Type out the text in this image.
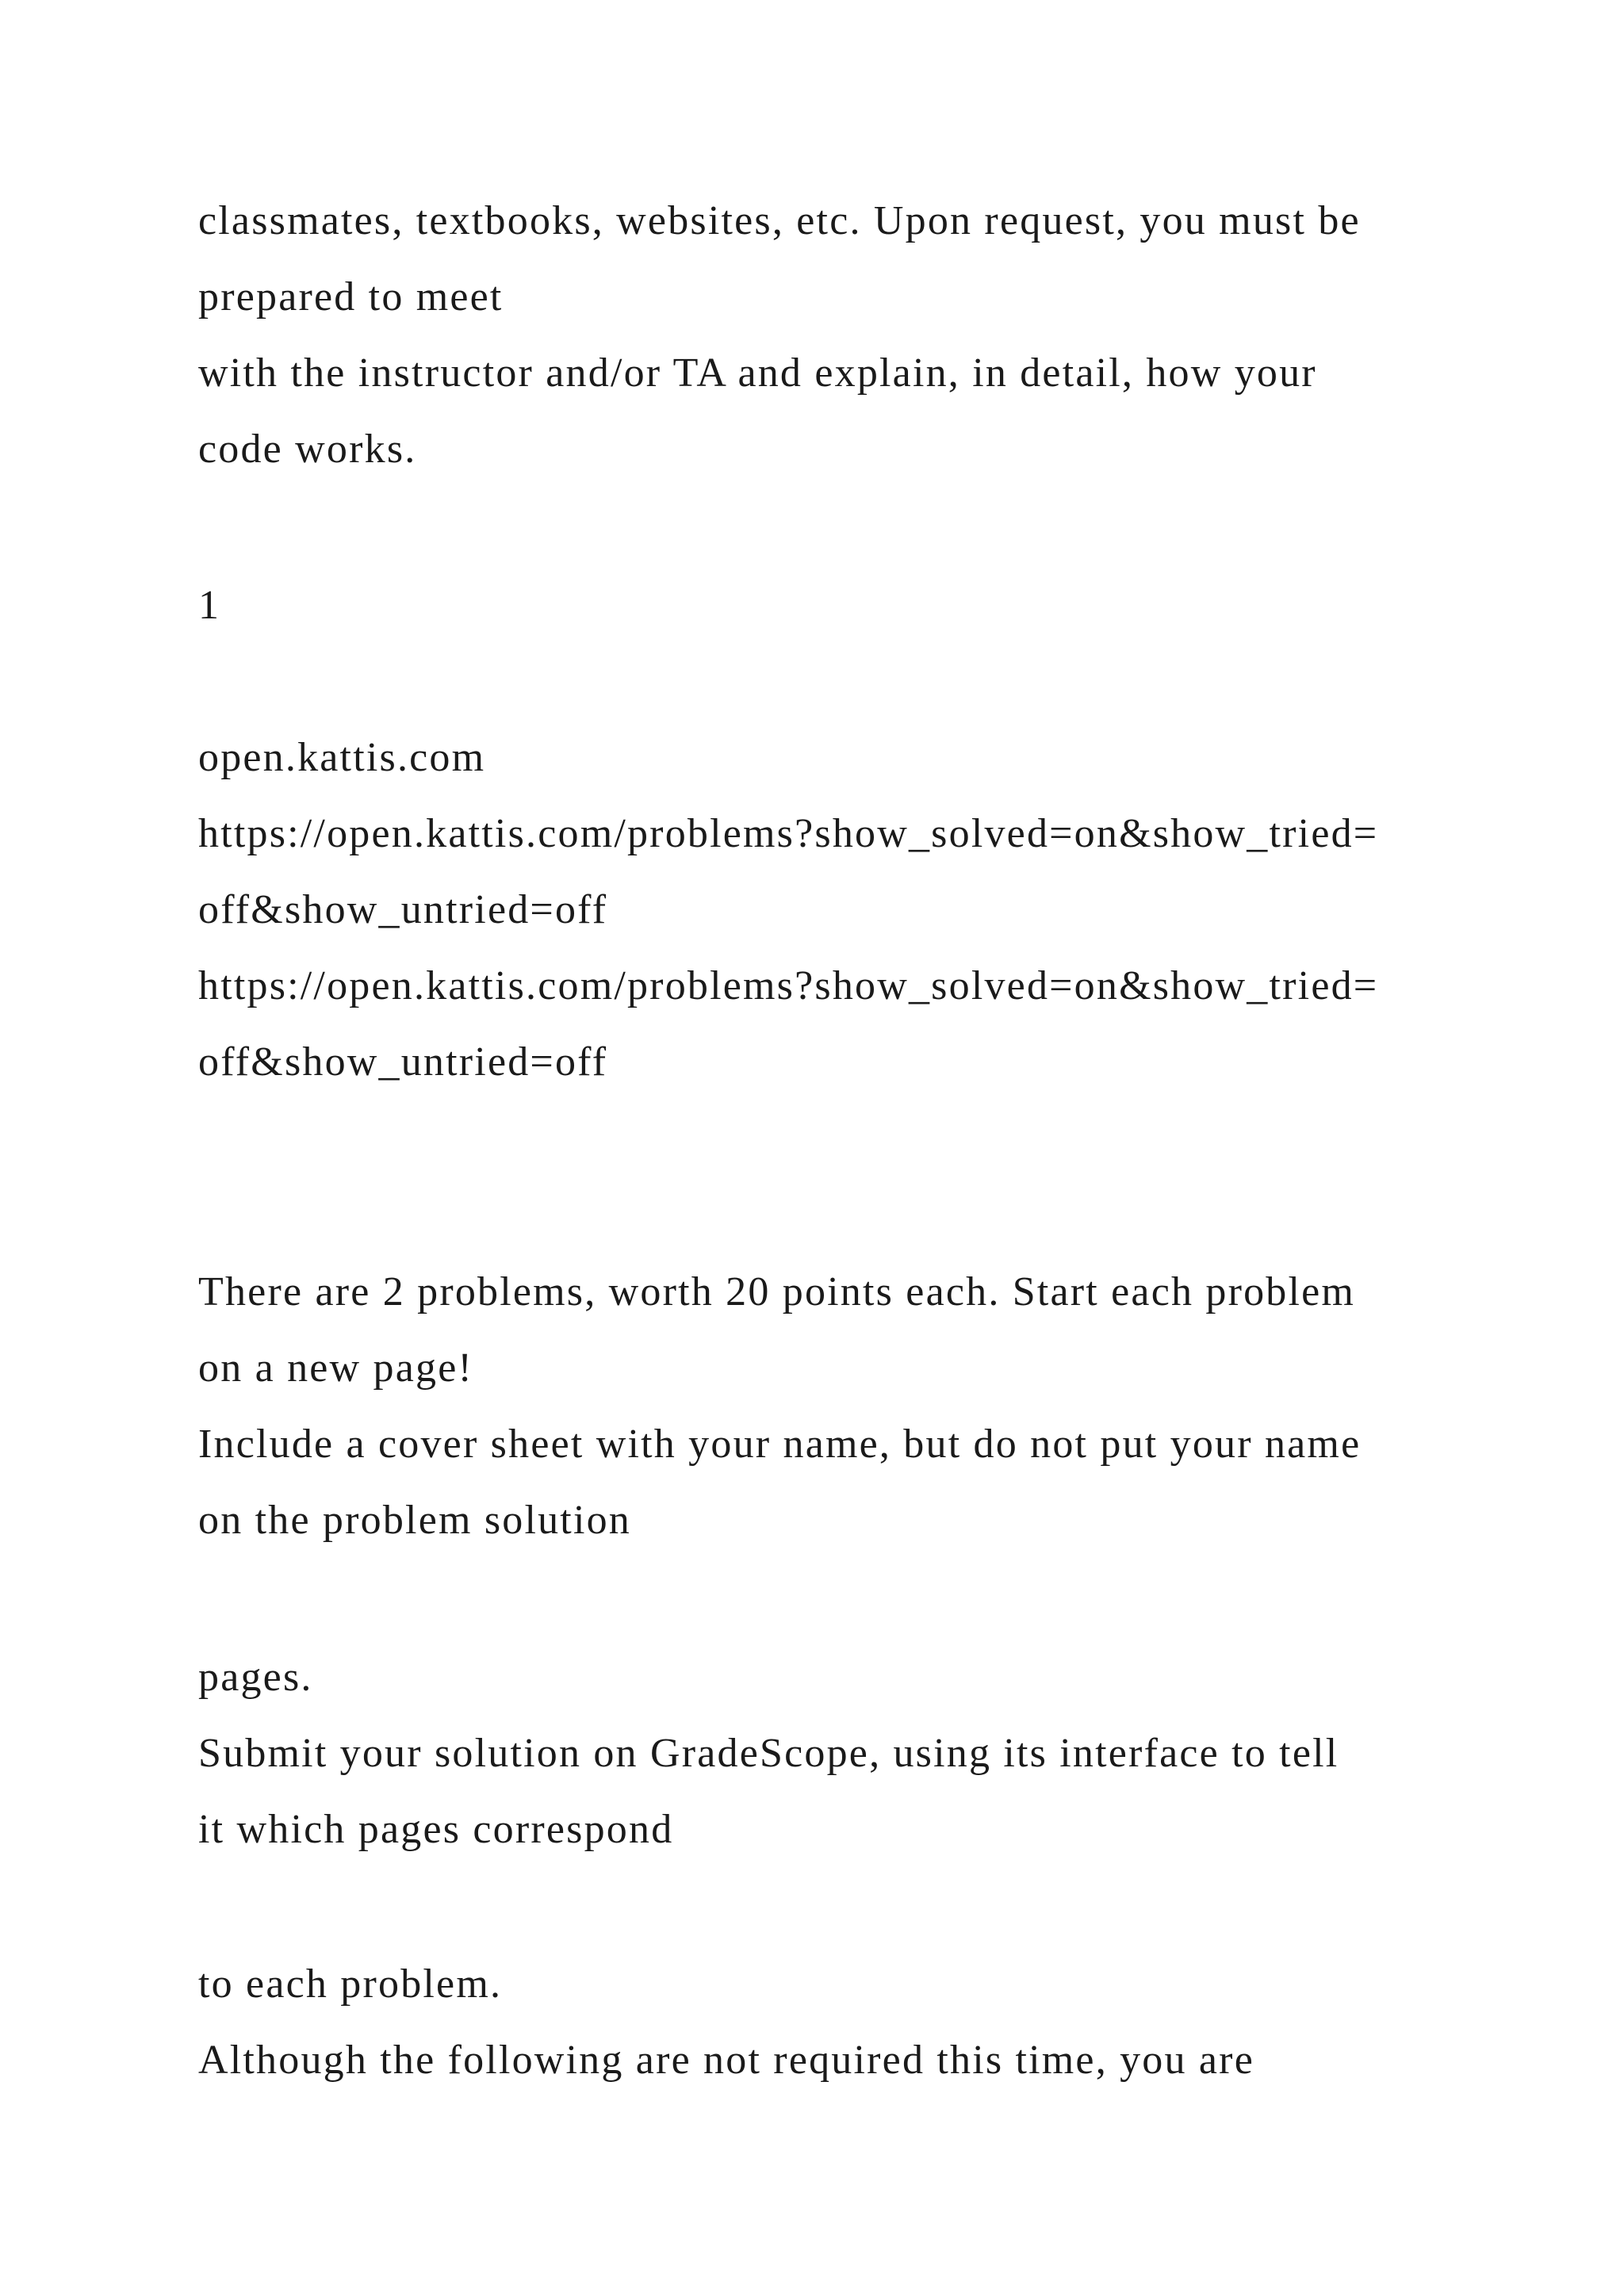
classmates, textbooks, websites, etc. Upon request, you must be
prepared to meet
with the instructor and/or TA and explain, in detail, how your
code works.
1
open.kattis.com
https://open.kattis.com/problems?show_solved=on&show_tried=
off&show_untried=off
https://open.kattis.com/problems?show_solved=on&show_tried=
off&show_untried=off
There are 2 problems, worth 20 points each. Start each problem
on a new page!
Include a cover sheet with your name, but do not put your name
on the problem solution
pages.
Submit your solution on GradeScope, using its interface to tell
it which pages correspond
to each problem.
Although the following are not required this time, you are
